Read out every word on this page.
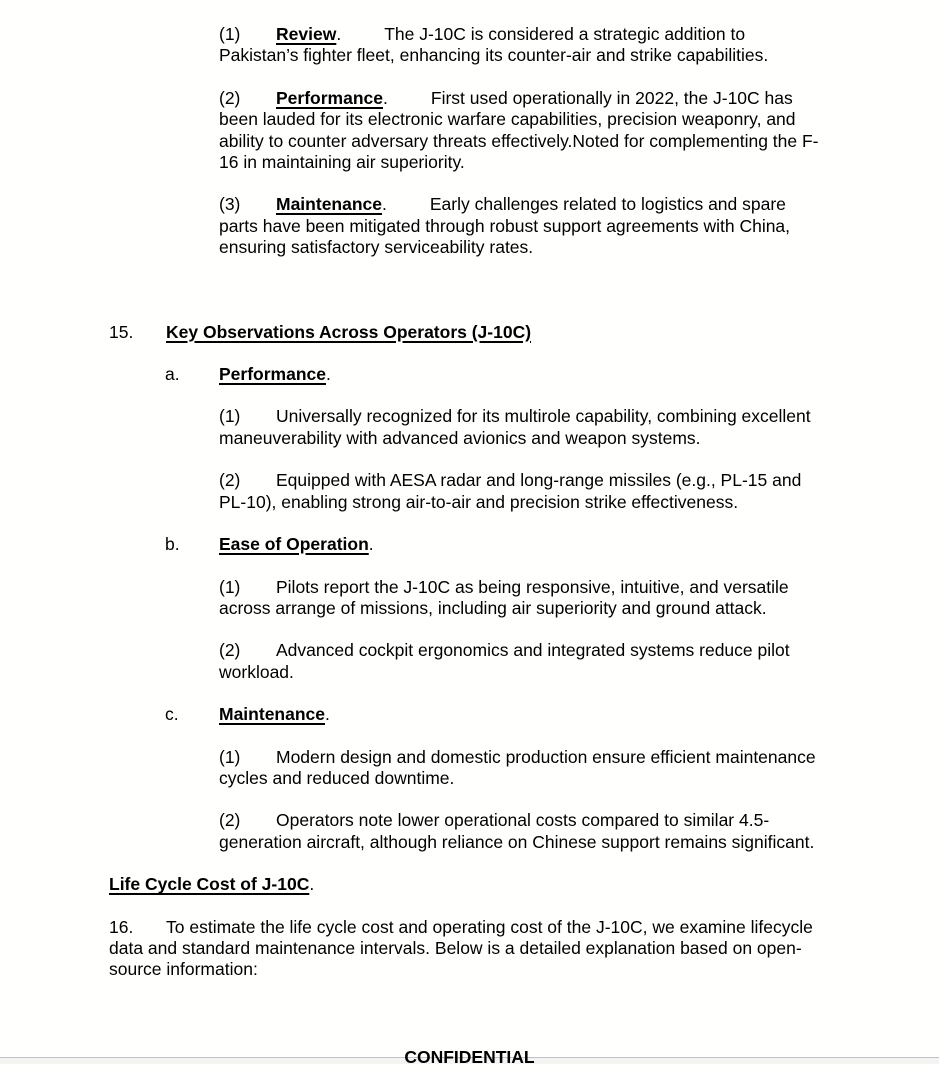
(1) Review. The J-10C is considered a strategic addition to Pakistan’s fighter fleet, enhancing its counter-air and strike capabilities.

(2) Performance. First used operationally in 2022, the J-10C has been lauded for its electronic warfare capabilities, precision weaponry, and ability to counter adversary threats effectively.Noted for complementing the F-16 in maintaining air superiority.

(3) Maintenance. Early challenges related to logistics and spare parts have been mitigated through robust support agreements with China, ensuring satisfactory serviceability rates.

15. Key Observations Across Operators (J-10C)

a. Performance.

(1) Universally recognized for its multirole capability, combining excellent maneuverability with advanced avionics and weapon systems.

(2) Equipped with AESA radar and long-range missiles (e.g., PL-15 and PL-10), enabling strong air-to-air and precision strike effectiveness.

b. Ease of Operation.

(1) Pilots report the J-10C as being responsive, intuitive, and versatile across arrange of missions, including air superiority and ground attack.

(2) Advanced cockpit ergonomics and integrated systems reduce pilot workload.

c. Maintenance.

(1) Modern design and domestic production ensure efficient maintenance cycles and reduced downtime.

(2) Operators note lower operational costs compared to similar 4.5-generation aircraft, although reliance on Chinese support remains significant.

Life Cycle Cost of J-10C.

16. To estimate the life cycle cost and operating cost of the J-10C, we examine lifecycle data and standard maintenance intervals. Below is a detailed explanation based on open-source information:

CONFIDENTIAL
